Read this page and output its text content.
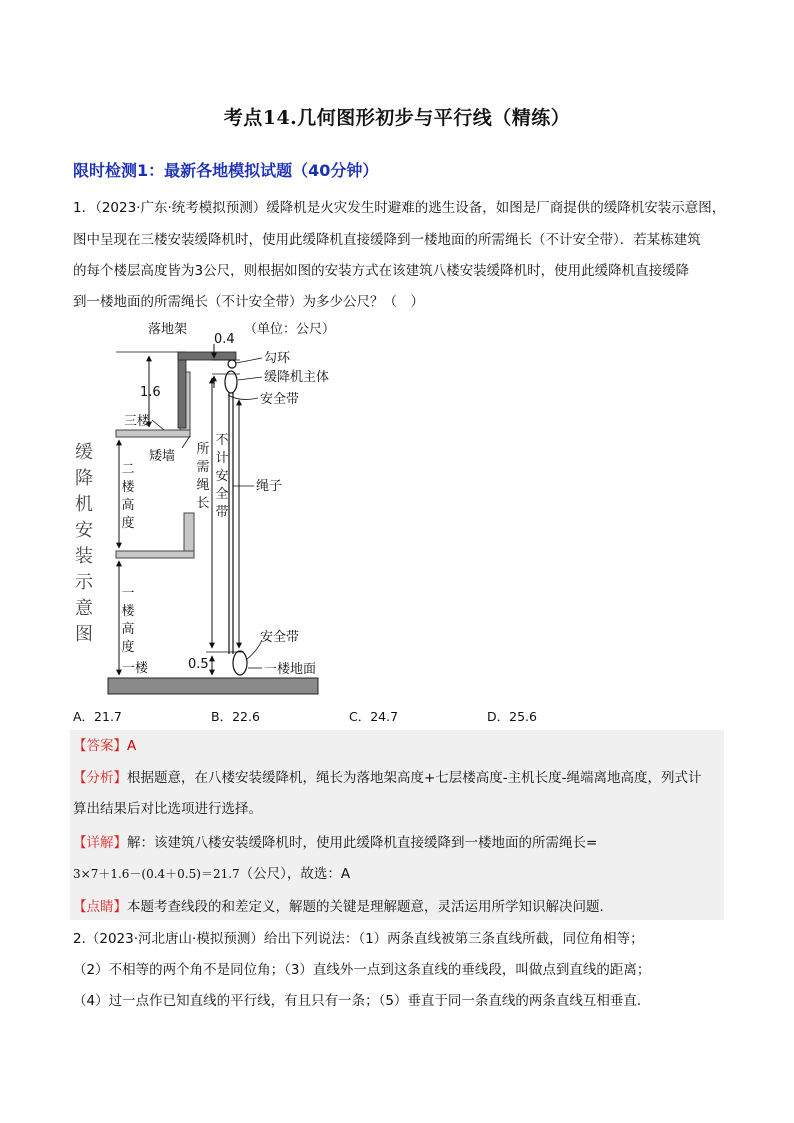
考点14.几何图形初步与平行线（精练）
限时检测1：最新各地模拟试题（40分钟）
1．（2023·广东·统考模拟预测）缓降机是火灾发生时避难的逃生设备，如图是厂商提供的缓降机安装示意图，
图中呈现在三楼安装缓降机时，使用此缓降机直接缓降到一楼地面的所需绳长（不计安全带）．若某栋建筑
的每个楼层高度皆为3公尺，则根据如图的安装方式在该建筑八楼安装缓降机时，使用此缓降机直接缓降
到一楼地面的所需绳长（不计安全带）为多少公尺？（　）
缓
降
机
安
装
示
意
图
落地架	（单位：公尺）
0.4
勾环
缓降机主体
安全带
1.6
三楼
矮墙
绳子
安全带
0.5
一楼	一楼地面
二
楼
高
度
一
楼
高
度
所
需
绳
长
不
计
安
全
带
A．21.7	B．22.6	C．24.7	D．25.6
【答案】A
【分析】根据题意，在八楼安装缓降机，绳长为落地架高度+七层楼高度-主机长度-绳端离地高度，列式计
算出结果后对比选项进行选择。
【详解】解：该建筑八楼安装缓降机时，使用此缓降机直接缓降到一楼地面的所需绳长=
3×7＋1.6－(0.4＋0.5)＝21.7（公尺），故选：A
【点睛】本题考查线段的和差定义，解题的关键是理解题意，灵活运用所学知识解决问题．
2.（2023·河北唐山·模拟预测）给出下列说法：（1）两条直线被第三条直线所截，同位角相等；
（2）不相等的两个角不是同位角；（3）直线外一点到这条直线的垂线段，叫做点到直线的距离；
（4）过一点作已知直线的平行线，有且只有一条；（5）垂直于同一条直线的两条直线互相垂直．
